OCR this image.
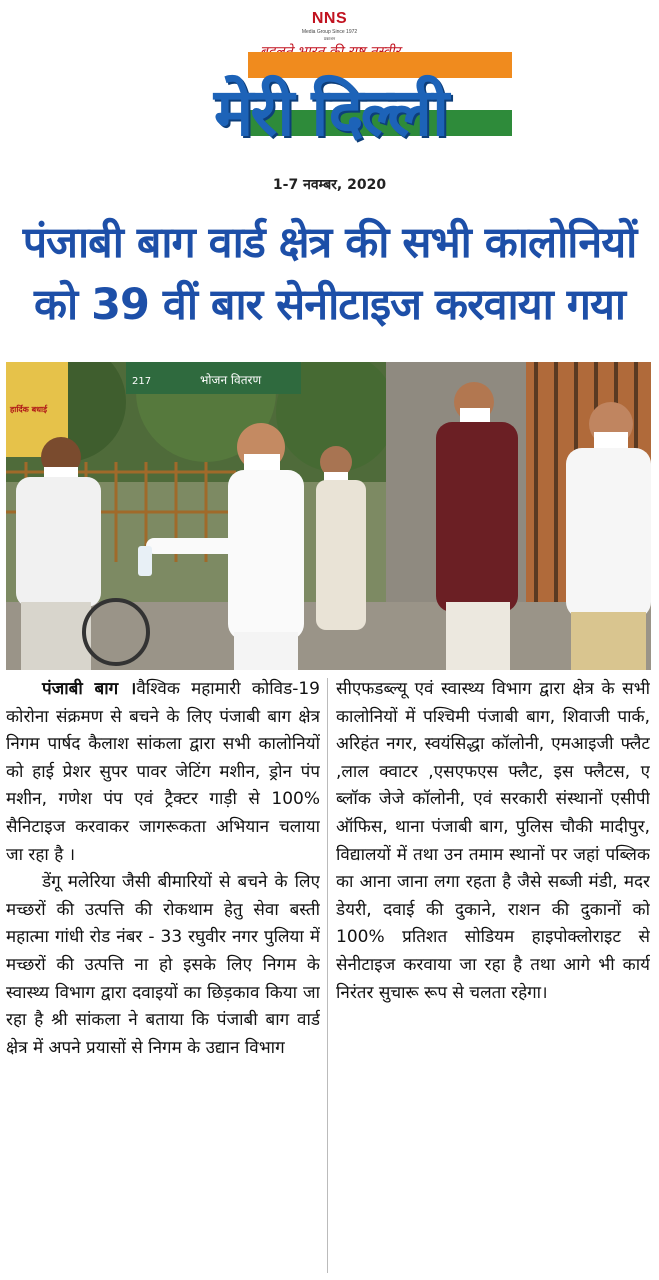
NNS
Media Group Since 1972
प्रकाशन
मेरी दिल्ली
1-7 नवम्बर, 2020
पंजाबी बाग वार्ड क्षेत्र की सभी कालोनियों
को 39 वीं बार सेनीटाइज करवाया गया
भोजन वितरण
217
हार्दिक बधाई

पंजाबी बाग ।वैश्विक महामारी कोविड-19 कोरोना संक्रमण से बचने के लिए पंजाबी बाग क्षेत्र निगम पार्षद कैलाश सांकला द्वारा सभी कालोनियों को हाई प्रेशर सुपर पावर जेटिंग मशीन, ड्रोन पंप मशीन, गणेश पंप एवं ट्रैक्टर गाड़ी से 100% सैनिटाइज करवाकर जागरूकता अभियान चलाया जा रहा है ।

डेंगू मलेरिया जैसी बीमारियों से बचने के लिए मच्छरों की उत्पत्ति की रोकथाम हेतु सेवा बस्ती महात्मा गांधी रोड नंबर - 33 रघुवीर नगर पुलिया में मच्छरों की उत्पत्ति ना हो इसके लिए निगम के स्वास्थ्य विभाग द्वारा दवाइयों का छिड़काव किया जा रहा है श्री सांकला ने बताया कि पंजाबी बाग वार्ड क्षेत्र में अपने प्रयासों से निगम के उद्यान विभाग

सीएफडब्ल्यू एवं स्वास्थ्य विभाग द्वारा क्षेत्र के सभी कालोनियों में पश्चिमी पंजाबी बाग, शिवाजी पार्क, अरिहंत नगर, स्वयंसिद्धा कॉलोनी, एमआइजी फ्लैट ,लाल क्वाटर ,एसएफएस फ्लैट, इस फ्लैटस, ए ब्लॉक जेजे कॉलोनी, एवं सरकारी संस्थानों एसीपी ऑफिस, थाना पंजाबी बाग, पुलिस चौकी मादीपुर, विद्यालयों में तथा उन तमाम स्थानों पर जहां पब्लिक का आना जाना लगा रहता है जैसे सब्जी मंडी, मदर डेयरी, दवाई की दुकाने, राशन की दुकानों को 100% प्रतिशत सोडियम हाइपोक्लोराइट से सेनीटाइज करवाया जा रहा है तथा आगे भी कार्य निरंतर सुचारू रूप से चलता रहेगा।
